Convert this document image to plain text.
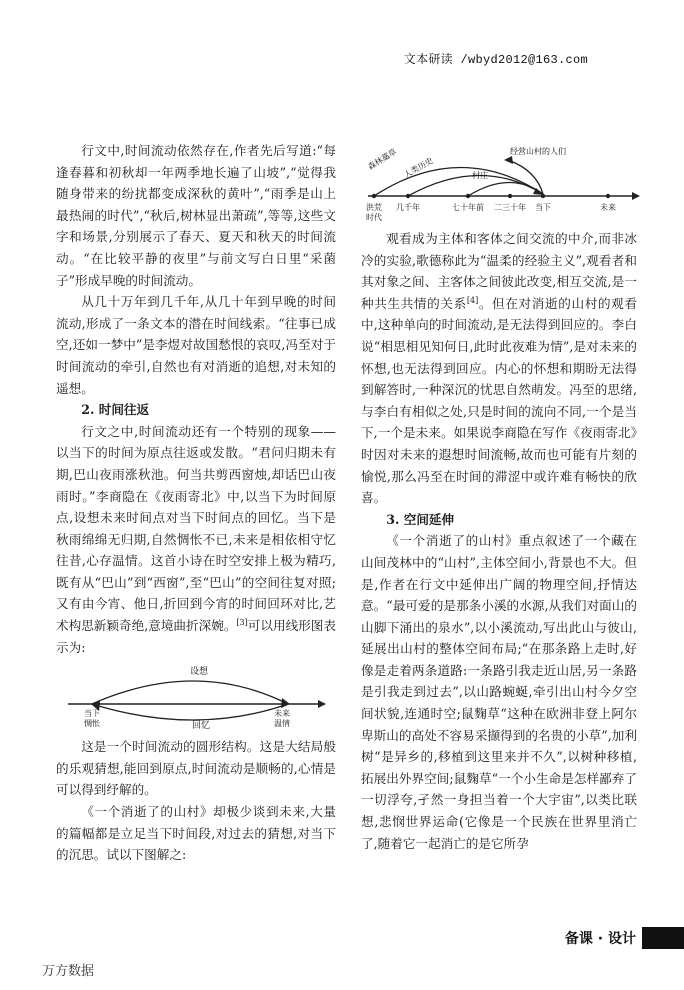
文本研读 /wbyd2012@163.com

行文中,时间流动依然存在,作者先后写道:“每逢春暮和初秋却一年两季地长遍了山坡”,“觉得我随身带来的纷扰都变成深秋的黄叶”,“雨季是山上最热闹的时代”,“秋后,树林显出萧疏”,等等,这些文字和场景,分别展示了春天、夏天和秋天的时间流动。“在比较平静的夜里”与前文写白日里“采菌子”形成早晚的时间流动。

从几十万年到几千年,从几十年到早晚的时间流动,形成了一条文本的潜在时间线索。“往事已成空,还如一梦中”是李煜对故国愁恨的哀叹,冯至对于时间流动的牵引,自然也有对消逝的追想,对未知的遥想。

2. 时间往返

行文之中,时间流动还有一个特别的现象——以当下的时间为原点往返或发散。“君问归期未有期,巴山夜雨涨秋池。何当共剪西窗烛,却话巴山夜雨时。”李商隐在《夜雨寄北》中,以当下为时间原点,设想未来时间点对当下时间点的回忆。当下是秋雨绵绵无归期,自然惆怅不已,未来是相依相守忆往昔,心存温情。这首小诗在时空安排上极为精巧,既有从“巴山”到“西窗”,至“巴山”的空间往复对照;又有由今宵、他日,折回到今宵的时间回环对比,艺术构思新颖奇绝,意境曲折深婉。[3]可以用线形图表示为:

设想
回忆
当下
惆怅
未来
温情

这是一个时间流动的圆形结构。这是大结局般的乐观猜想,能回到原点,时间流动是顺畅的,心情是可以得到纾解的。

《一个消逝了的山村》却极少谈到未来,大量的篇幅都是立足当下时间段,对过去的猜想,对当下的沉思。试以下图解之:

洪荒
时代
几千年	七十年前 二三十年 当下	未来
森林藁草 人类历史	村庄
经营山村的人们

观看成为主体和客体之间交流的中介,而非冰冷的实验,歌德称此为“温柔的经验主义”,观看者和其对象之间、主客体之间彼此改变,相互交流,是一种共生共情的关系[4]。但在对消逝的山村的观看中,这种单向的时间流动,是无法得到回应的。李白说“相思相见知何日,此时此夜难为情”,是对未来的怀想,也无法得到回应。内心的怀想和期盼无法得到解答时,一种深沉的忧思自然萌发。冯至的思绪,与李白有相似之处,只是时间的流向不同,一个是当下,一个是未来。如果说李商隐在写作《夜雨寄北》时因对未来的遐想时间流畅,故而也可能有片刻的愉悦,那么冯至在时间的滞涩中或许难有畅快的欣喜。

3. 空间延伸

《一个消逝了的山村》重点叙述了一个藏在山间茂林中的“山村”,主体空间小,背景也不大。但是,作者在行文中延伸出广阔的物理空间,抒情达意。“最可爱的是那条小溪的水源,从我们对面山的山脚下涌出的泉水”,以小溪流动,写出此山与彼山,延展出山村的整体空间布局;“在那条路上走时,好像是走着两条道路:一条路引我走近山居,另一条路是引我走到过去”,以山路蜿蜒,牵引出山村今夕空间状貌,连通时空;鼠麴草“这种在欧洲非登上阿尔卑斯山的高处不容易采撷得到的名贵的小草”,加利树“是异乡的,移植到这里来并不久”,以树种移植,拓展出外界空间;鼠麴草“一个小生命是怎样鄙弃了一切浮夸,孑然一身担当着一个大宇宙”,以类比联想,悲悯世界运命(它像是一个民族在世界里消亡了,随着它一起消亡的是它所孕

备课 · 设计
万方数据
